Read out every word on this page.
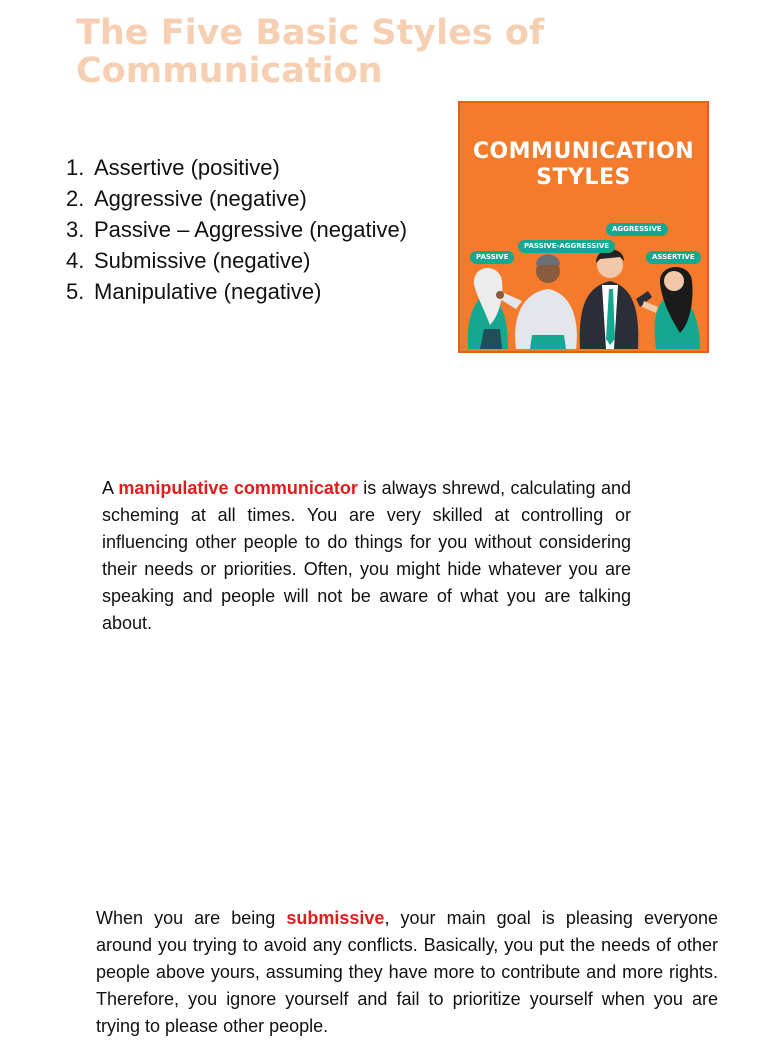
The Five Basic Styles of Communication
1. Assertive (positive)
2. Aggressive (negative)
3. Passive – Aggressive (negative)
4. Submissive (negative)
5. Manipulative (negative)
COMMUNICATION
STYLES
AGGRESSIVE
PASSIVE-AGGRESSIVE
PASSIVE	ASSERTIVE

A manipulative communicator is always shrewd, calculating and scheming at all times. You are very skilled at controlling or influencing other people to do things for you without considering their needs or priorities. Often, you might hide whatever you are speaking and people will not be aware of what you are talking about.

When you are being submissive, your main goal is pleasing everyone around you trying to avoid any conflicts. Basically, you put the needs of other people above yours, assuming they have more to contribute and more rights. Therefore, you ignore yourself and fail to prioritize yourself when you are trying to please other people.
